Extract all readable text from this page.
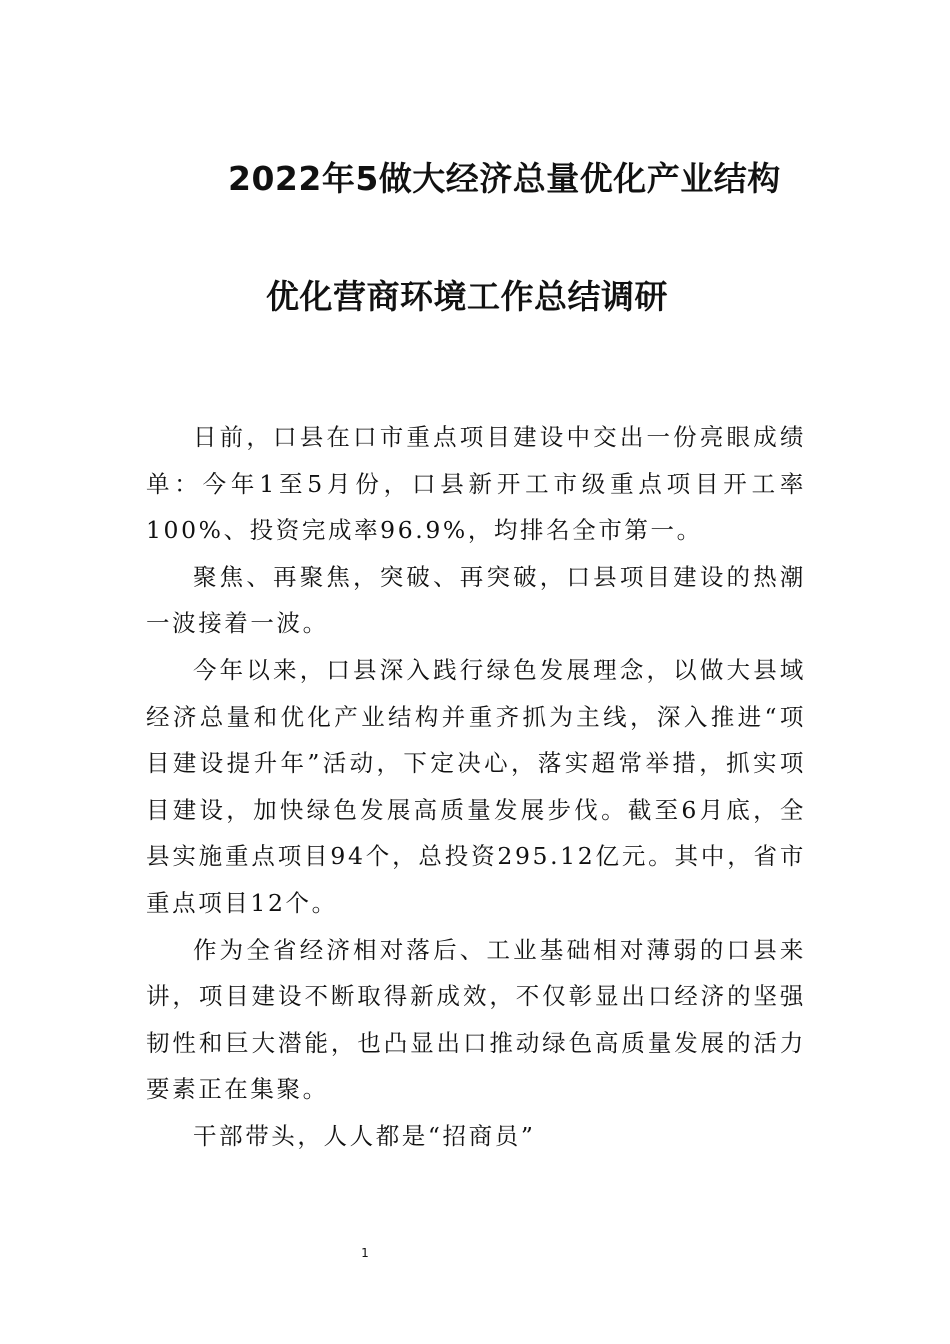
2022年5做大经济总量优化产业结构
优化营商环境工作总结调研

日前，口县在口市重点项目建设中交出一份亮眼成绩单：今年1至5月份，口县新开工市级重点项目开工率100%、投资完成率96.9%，均排名全市第一。

聚焦、再聚焦，突破、再突破，口县项目建设的热潮一波接着一波。

今年以来，口县深入践行绿色发展理念，以做大县域经济总量和优化产业结构并重齐抓为主线，深入推进“项目建设提升年”活动，下定决心，落实超常举措，抓实项目建设，加快绿色发展高质量发展步伐。截至6月底，全县实施重点项目94个，总投资295.12亿元。其中，省市重点项目12个。

作为全省经济相对落后、工业基础相对薄弱的口县来讲，项目建设不断取得新成效，不仅彰显出口经济的坚强韧性和巨大潜能，也凸显出口推动绿色高质量发展的活力要素正在集聚。

干部带头，人人都是“招商员”

1
